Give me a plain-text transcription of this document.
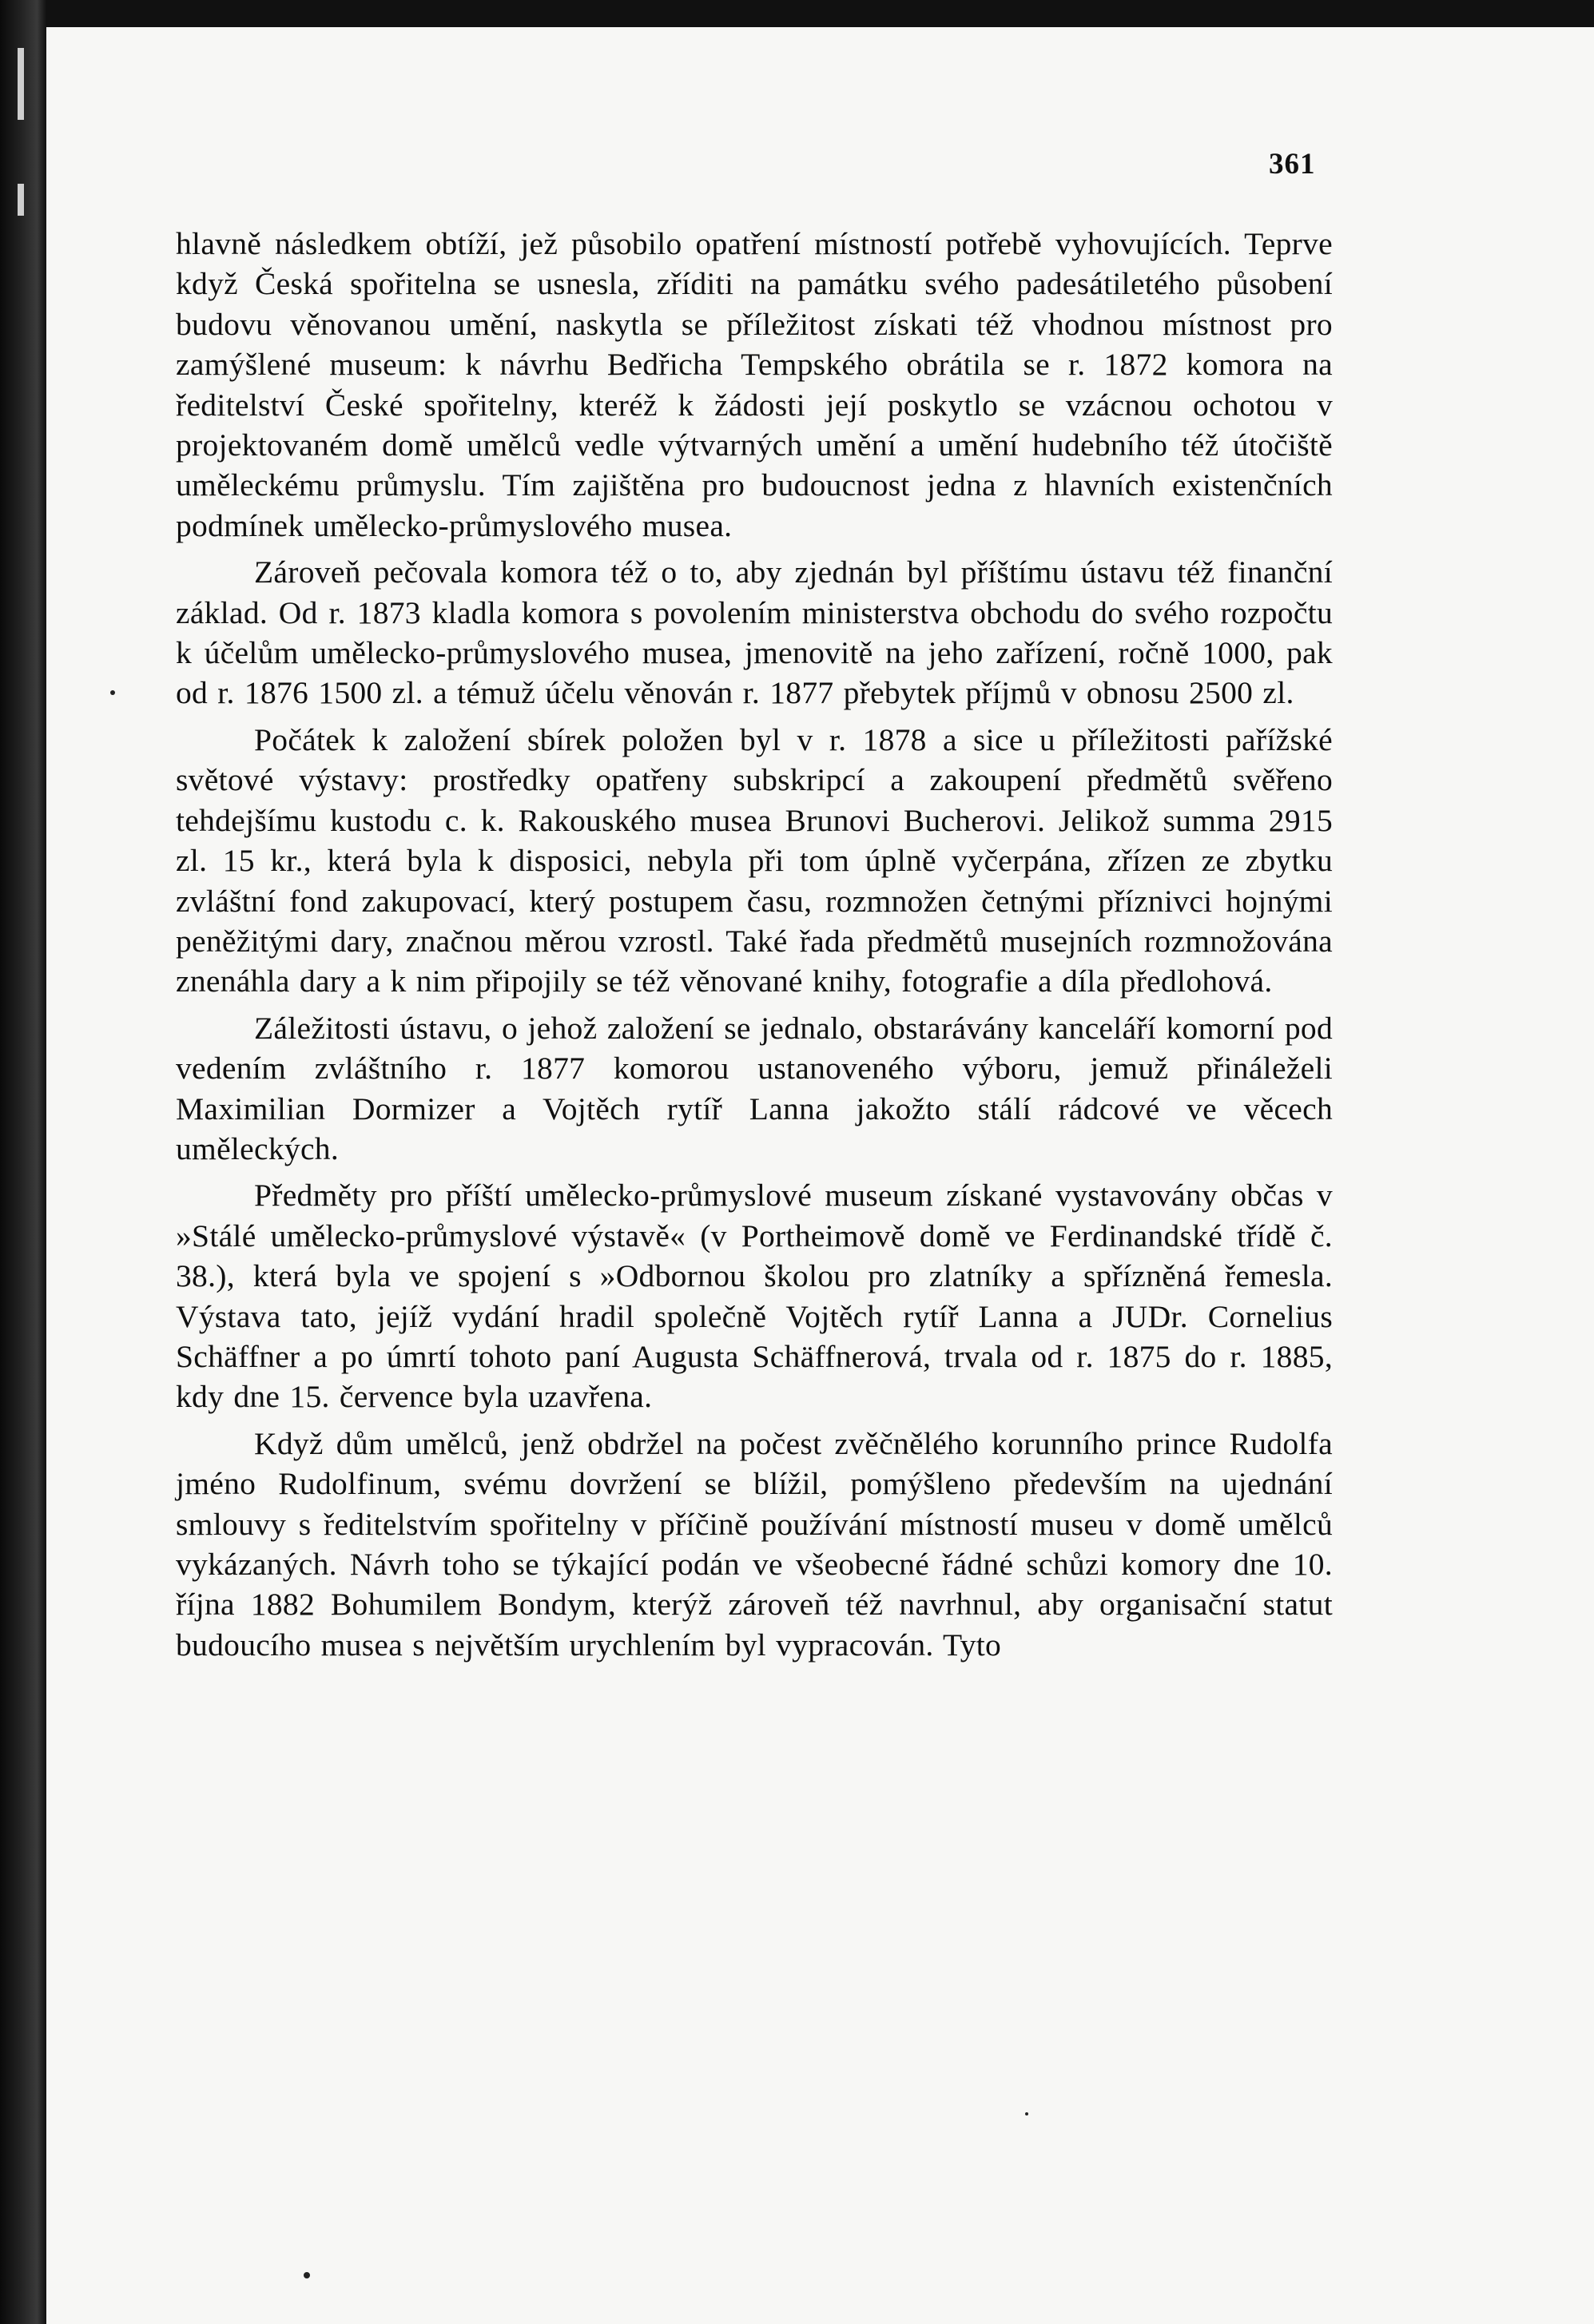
361

hlavně následkem obtíží, jež působilo opatření místností potřebě vyhovujících. Teprve když Česká spořitelna se usnesla, zříditi na památku svého padesátiletého působení budovu věnovanou umění, naskytla se příležitost získati též vhodnou místnost pro zamýšlené museum: k návrhu Bedřicha Tempského obrátila se r. 1872 komora na ředitelství České spořitelny, kteréž k žádosti její poskytlo se vzácnou ochotou v projektovaném domě umělců vedle výtvarných umění a umění hudebního též útočiště uměleckému průmyslu. Tím zajištěna pro budoucnost jedna z hlavních existenčních podmínek umělecko-průmyslového musea.

Zároveň pečovala komora též o to, aby zjednán byl příštímu ústavu též finanční základ. Od r. 1873 kladla komora s povolením ministerstva obchodu do svého rozpočtu k účelům umělecko-průmyslového musea, jmenovitě na jeho zařízení, ročně 1000, pak od r. 1876 1500 zl. a témuž účelu věnován r. 1877 přebytek příjmů v obnosu 2500 zl.

Počátek k založení sbírek položen byl v r. 1878 a sice u příležitosti pařížské světové výstavy: prostředky opatřeny subskripcí a zakoupení předmětů svěřeno tehdejšímu kustodu c. k. Rakouského musea Brunovi Bucherovi. Jelikož summa 2915 zl. 15 kr., která byla k disposici, nebyla při tom úplně vyčerpána, zřízen ze zbytku zvláštní fond zakupovací, který postupem času, rozmnožen četnými příznivci hojnými peněžitými dary, značnou měrou vzrostl. Také řada předmětů musejních rozmnožována znenáhla dary a k nim připojily se též věnované knihy, fotografie a díla předlohová.

Záležitosti ústavu, o jehož založení se jednalo, obstarávány kanceláří komorní pod vedením zvláštního r. 1877 komorou ustanoveného výboru, jemuž přináleželi Maximilian Dormizer a Vojtěch rytíř Lanna jakožto stálí rádcové ve věcech uměleckých.

Předměty pro příští umělecko-průmyslové museum získané vystavovány občas v »Stálé umělecko-průmyslové výstavě« (v Portheimově domě ve Ferdinandské třídě č. 38.), která byla ve spojení s »Odbornou školou pro zlatníky a spřízněná řemesla. Výstava tato, jejíž vydání hradil společně Vojtěch rytíř Lanna a JUDr. Cornelius Schäffner a po úmrtí tohoto paní Augusta Schäffnerová, trvala od r. 1875 do r. 1885, kdy dne 15. července byla uzavřena.

Když dům umělců, jenž obdržel na počest zvěčnělého korunního prince Rudolfa jméno Rudolfinum, svému dovržení se blížil, pomýšleno především na ujednání smlouvy s ředitelstvím spořitelny v příčině používání místností museu v domě umělců vykázaných. Návrh toho se týkající podán ve všeobecné řádné schůzi komory dne 10. října 1882 Bohumilem Bondym, kterýž zároveň též navrhnul, aby organisační statut budoucího musea s největším urychlením byl vypracován. Tyto
